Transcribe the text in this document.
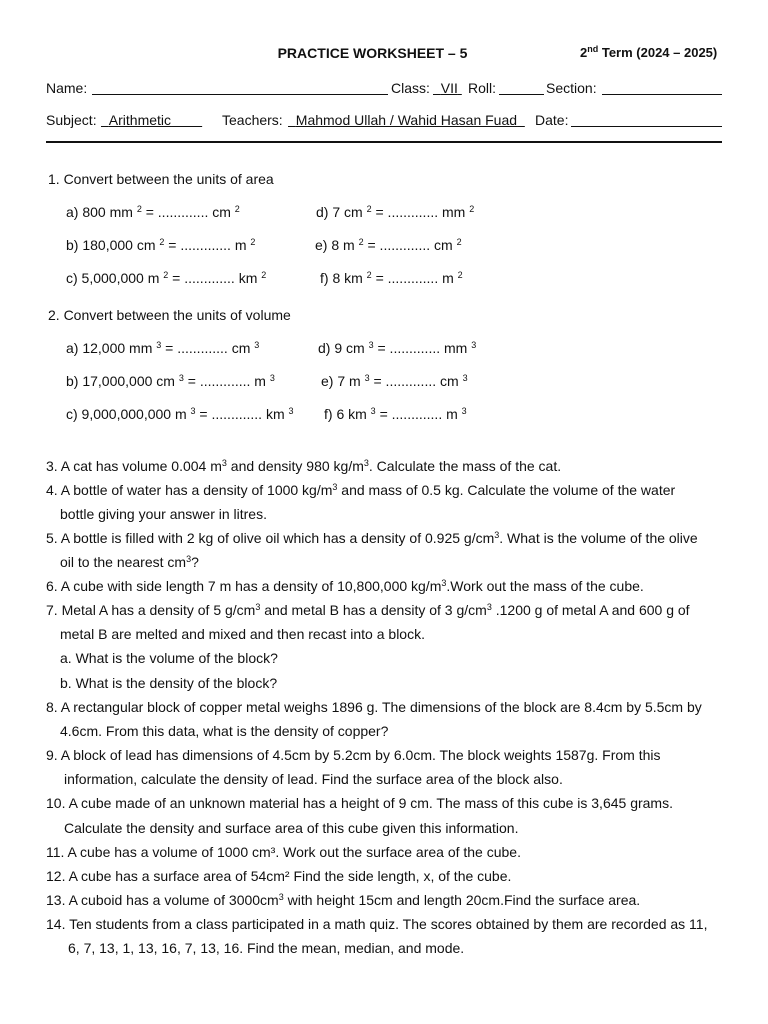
PRACTICE WORKSHEET – 5	2nd Term (2024 – 2025)
Name:	Class: VII Roll:	Section:
Subject: Arithmetic	Teachers: Mahmod Ullah / Wahid Hasan Fuad	Date:
1. Convert between the units of area
a) 800 mm $^2$ = ............. cm $^2$
b) 180,000 cm $^2$ = ............. m $^2$
c) 5,000,000 m $^2$ = ............. km $^2$
d) 7 cm $^2$ = ............. mm $^2$
e) 8 m $^2$ = ............. cm $^2$
f) 8 km $^2$ = ............. m $^2$
2. Convert between the units of volume
a) 12,000 mm $^3$ = ............. cm $^3$
b) 17,000,000 cm $^3$ = ............. m $^3$
c) 9,000,000,000 m $^3$ = ............. km $^3$
d) 9 cm $^3$ = ............. mm $^3$
e) 7 m $^3$ = ............. cm $^3$
f) 6 km $^3$ = ............. m $^3$
3. A cat has volume 0.004 $m^3$ and density 980 $kg/m^3$. Calculate the mass of the cat.
4. A bottle of water has a density of 1000 $kg/m^3$ and mass of 0.5 kg. Calculate the volume of the water
bottle giving your answer in litres.
5. A bottle is filled with 2 kg of olive oil which has a density of 0.925 $g/cm^3$. What is the volume of the olive
oil to the nearest $cm^3$?
6. A cube with side length 7 m has a density of 10,800,000 $kg/m^3.Work$ out the mass of the cube.
7. Metal A has a density of 5 $g/cm^3$ and metal B has a density of 3 $g/cm^3$ .1200 g of metal A and 600 g of
metal B are melted and mixed and then recast into a block.
a. What is the volume of the block?
b. What is the density of the block?
8. A rectangular block of copper metal weighs 1896 g. The dimensions of the block are 8.4cm by 5.5cm by
4.6cm. From this data, what is the density of copper?
9. A block of lead has dimensions of 4.5cm by 5.2cm by 6.0cm. The block weights 1587g. From this
information, calculate the density of lead. Find the surface area of the block also.
10. A cube made of an unknown material has a height of 9 cm. The mass of this cube is 3,645 grams.
Calculate the density and surface area of this cube given this information.
11. A cube has a volume of 1000 cm³. Work out the surface area of the cube.
12. A cube has a surface area of 54cm² Find the side length, x, of the cube.
13. A cuboid has a volume of $3000cm^3$ with height 15cm and length 20cm.Find the surface area.
14. Ten students from a class participated in a math quiz. The scores obtained by them are recorded as 11,
6, 7, 13, 1, 13, 16, 7, 13, 16. Find the mean, median, and mode.
